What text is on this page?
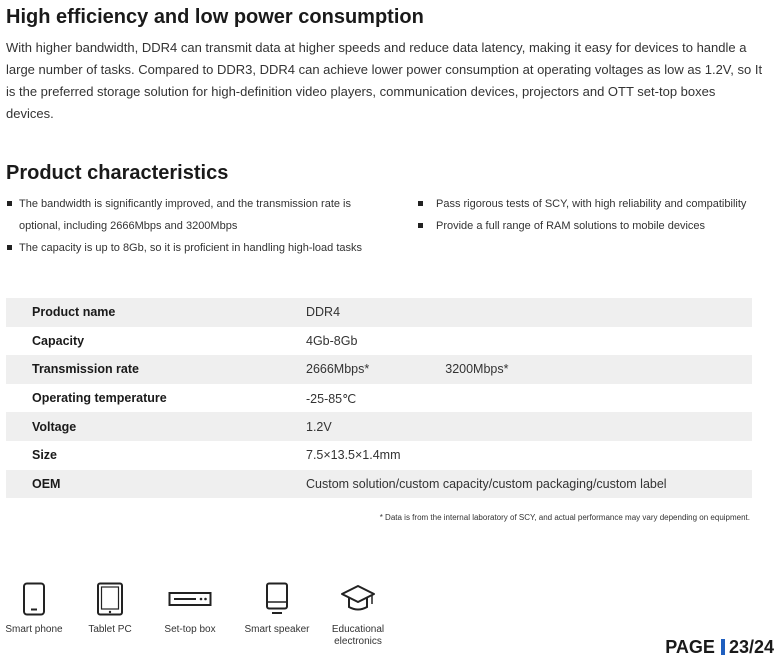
High efficiency and low power consumption

With higher bandwidth, DDR4 can transmit data at higher speeds and reduce data latency, making it easy for devices to handle a large number of tasks. Compared to DDR3, DDR4 can achieve lower power consumption at operating voltages as low as 1.2V, so It is the preferred storage solution for high-definition video players, communication devices, projectors and OTT set-top boxes devices.

Product characteristics
The bandwidth is significantly improved, and the transmission rate is optional, including 2666Mbps and 3200Mbps
The capacity is up to 8Gb, so it is proficient in handling high-load tasks
Pass rigorous tests of SCY, with high reliability and compatibility
Provide a full range of RAM solutions to mobile devices
Product name	DDR4
Capacity	4Gb-8Gb
Transmission rate	2666Mbps* 3200Mbps*
Operating temperature	-25-85℃
Voltage	1.2V
Size	7.5×13.5×1.4mm
OEM	Custom solution/custom capacity/custom packaging/custom label
* Data is from the internal laboratory of SCY, and actual performance may vary depending on equipment.
Smart phone	Tablet PC	Set-top box	Smart speaker	Educational electronics	PAGE 23/24
